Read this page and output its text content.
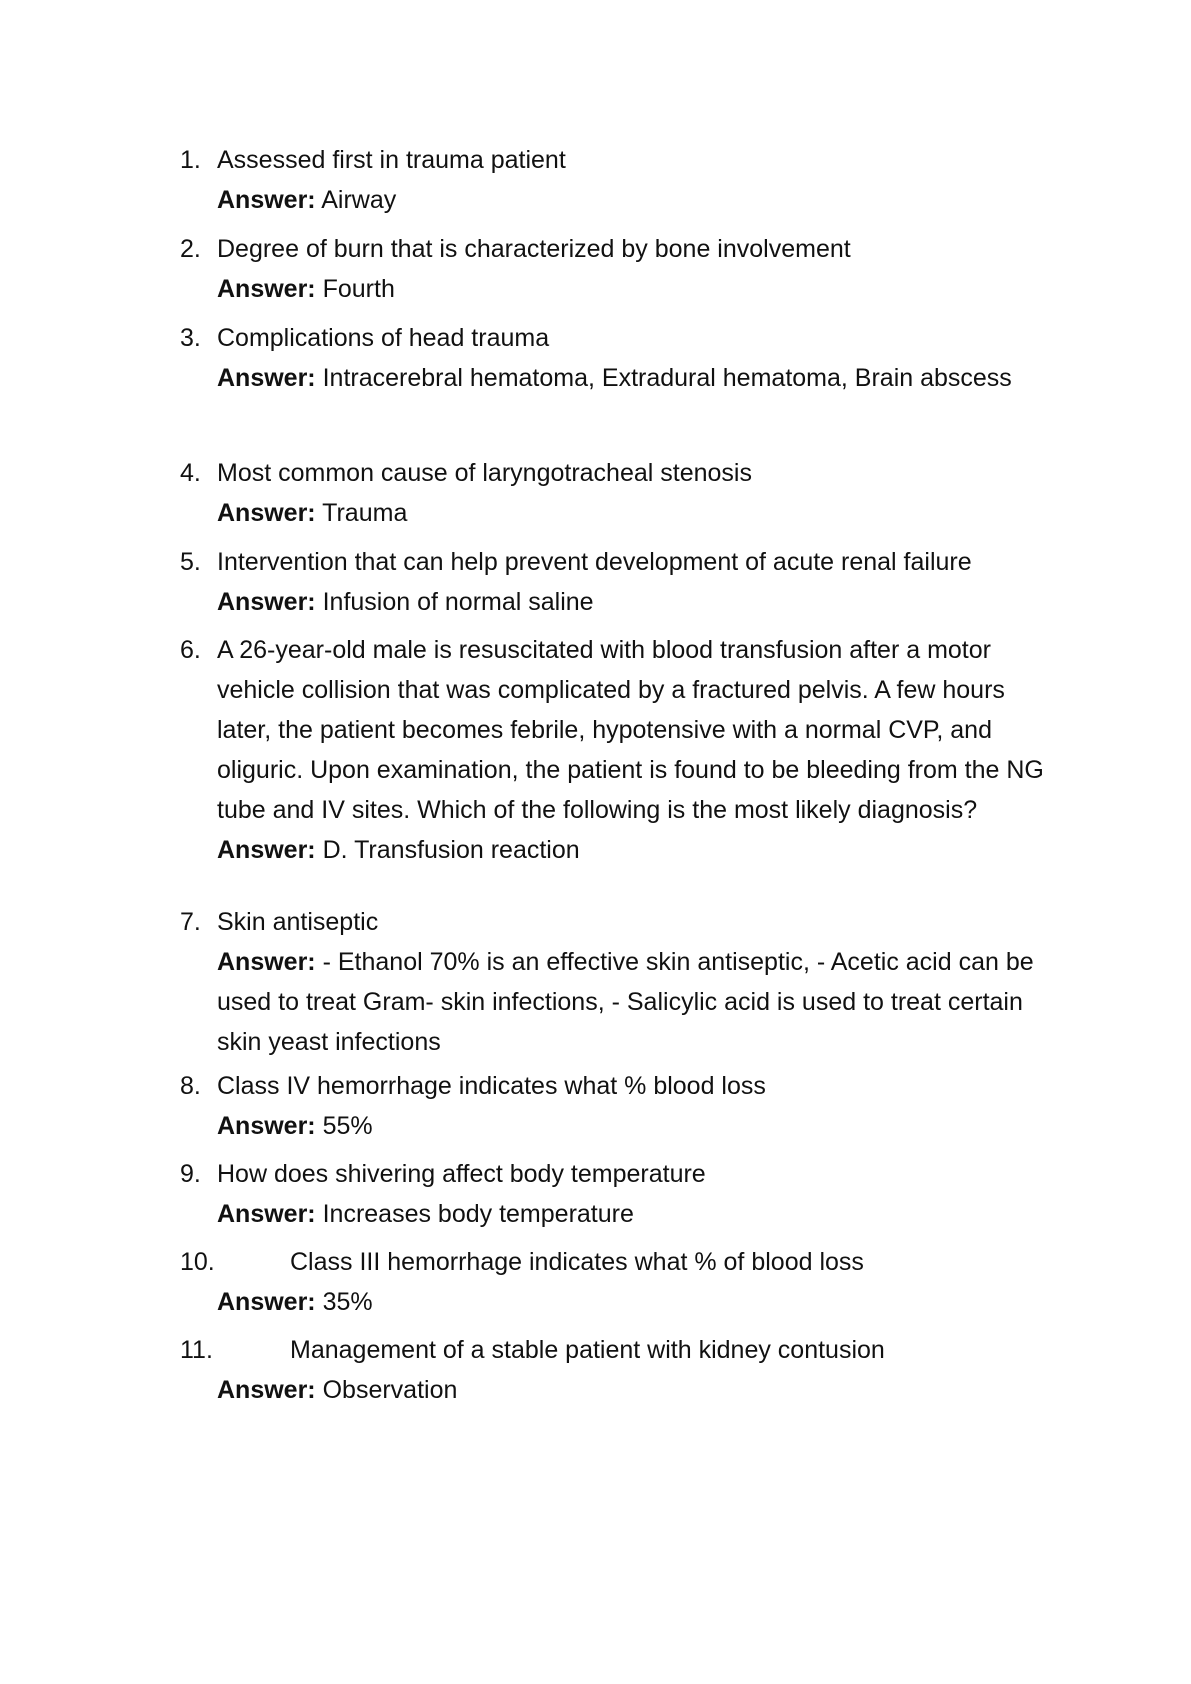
1. Assessed first in trauma patient
Answer: Airway
2. Degree of burn that is characterized by bone involvement
Answer: Fourth
3. Complications of head trauma
Answer: Intracerebral hematoma, Extradural hematoma, Brain abscess
4. Most common cause of laryngotracheal stenosis
Answer: Trauma
5. Intervention that can help prevent development of acute renal failure
Answer: Infusion of normal saline
6. A 26-year-old male is resuscitated with blood transfusion after a motor vehicle collision that was complicated by a fractured pelvis. A few hours later, the patient becomes febrile, hypotensive with a normal CVP, and oliguric. Upon examination, the patient is found to be bleeding from the NG tube and IV sites. Which of the following is the most likely diagnosis?
Answer: D. Transfusion reaction
7. Skin antiseptic
Answer: - Ethanol 70% is an effective skin antiseptic, - Acetic acid can be used to treat Gram- skin infections, - Salicylic acid is used to treat certain skin yeast infections
8. Class IV hemorrhage indicates what % blood loss
Answer: 55%
9. How does shivering affect body temperature
Answer: Increases body temperature
10.	Class III hemorrhage indicates what % of blood loss
Answer: 35%
11.	Management of a stable patient with kidney contusion
Answer: Observation
